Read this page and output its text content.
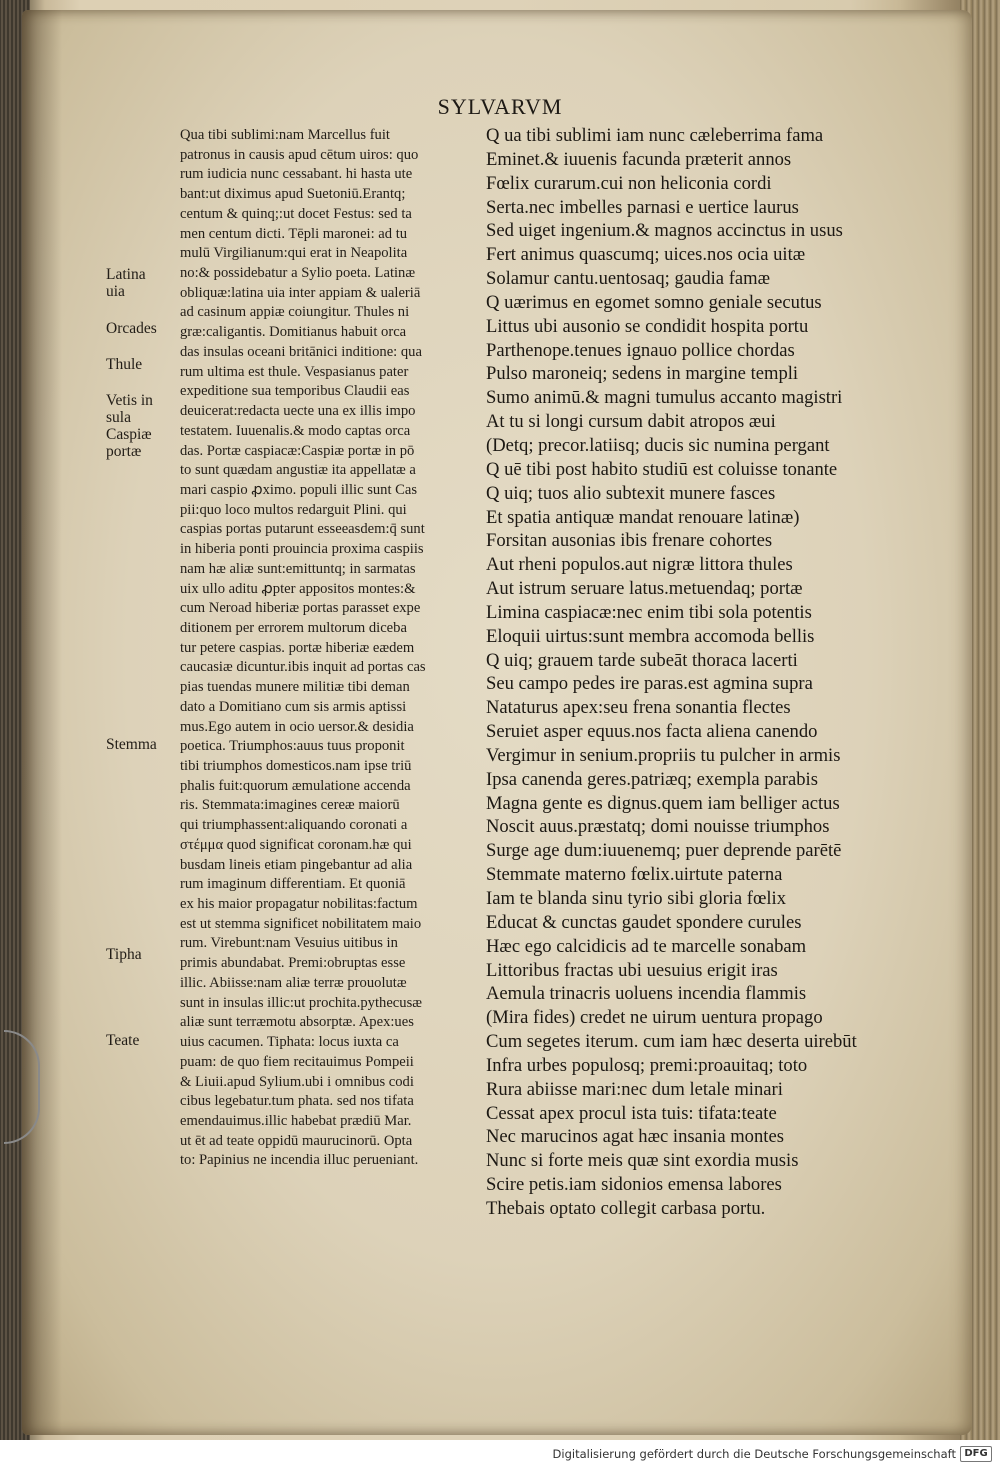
SYLVARVM
Qua tibi sublimi:nam Marcellus fuit
patronus in causis apud cētum uiros: quo
rum iudicia nunc cessabant. hi hasta ute
bant:ut diximus apud Suetoniū.Erantq;
centum & quinq;:ut docet Festus: sed ta
men centum dicti. Tēpli maronei: ad tu
mulū Virgilianum:qui erat in Neapolita
no:& possidebatur a Sylio poeta. Latinæ
obliquæ:latina uia inter appiam & ualeriā
ad casinum appiæ coiungitur. Thules ni
græ:caligantis. Domitianus habuit orca
das insulas oceani britānici inditione: qua
rum ultima est thule. Vespasianus pater
expeditione sua temporibus Claudii eas
deuicerat:redacta uecte una ex illis impo
testatem. Iuuenalis.& modo captas orca
das. Portæ caspiacæ:Caspiæ portæ in pō
to sunt quædam angustiæ ita appellatæ a
mari caspio ꝓximo. populi illic sunt Cas
pii:quo loco multos redarguit Plini. qui
caspias portas putarunt esseeasdem:q̄ sunt
in hiberia ponti prouincia proxima caspiis
nam hæ aliæ sunt:emittuntq; in sarmatas
uix ullo aditu ꝓpter appositos montes:&
cum Neroad hiberiæ portas parasset expe
ditionem per errorem multorum diceba
tur petere caspias. portæ hiberiæ eædem
caucasiæ dicuntur.ibis inquit ad portas cas
pias tuendas munere militiæ tibi deman
dato a Domitiano cum sis armis aptissi
mus.Ego autem in ocio uersor.& desidia
poetica. Triumphos:auus tuus proponit
tibi triumphos domesticos.nam ipse triū
phalis fuit:quorum æmulatione accenda
ris. Stemmata:imagines cereæ maiorū
qui triumphassent:aliquando coronati a
στέμμα quod significat coronam.hæ qui
busdam lineis etiam pingebantur ad alia
rum imaginum differentiam. Et quoniā
ex his maior propagatur nobilitas:factum
est ut stemma significet nobilitatem maio
rum. Virebunt:nam Vesuius uitibus in
primis abundabat. Premi:obruptas esse
illic. Abiisse:nam aliæ terræ prouolutæ
sunt in insulas illic:ut prochita.pythecusæ
aliæ sunt terræmotu absorptæ. Apex:ues
uius cacumen. Tiphata: locus iuxta ca
puam: de quo fiem recitauimus Pompeii
& Liuii.apud Sylium.ubi i omnibus codi
cibus legebatur.tum phata. sed nos tifata
emendauimus.illic habebat prædiū Mar.
ut ēt ad teate oppidū maurucinorū. Opta
to: Papinius ne incendia illuc perueniant.
Latina
uia
Orcades
Thule
Vetis in
sula
Caspiæ
portæ
Stemma
Tipha
Teate
Q ua tibi sublimi iam nunc cæleberrima fama
Eminet.& iuuenis facunda præterit annos
Fœlix curarum.cui non heliconia cordi
Serta.nec imbelles parnasi e uertice laurus
Sed uiget ingenium.& magnos accinctus in usus
Fert animus quascumq; uices.nos ocia uitæ
Solamur cantu.uentosaq; gaudia famæ
Q uærimus en egomet somno geniale secutus
Littus ubi ausonio se condidit hospita portu
Parthenope.tenues ignauo pollice chordas
Pulso maroneiq; sedens in margine templi
Sumo animū.& magni tumulus accanto magistri
At tu si longi cursum dabit atropos æui
(Detq; precor.latiisq; ducis sic numina pergant
Q uē tibi post habito studiū est coluisse tonante
Q uiq; tuos alio subtexit munere fasces
Et spatia antiquæ mandat renouare latinæ)
Forsitan ausonias ibis frenare cohortes
Aut rheni populos.aut nigræ littora thules
Aut istrum seruare latus.metuendaq; portæ
Limina caspiacæ:nec enim tibi sola potentis
Eloquii uirtus:sunt membra accomoda bellis
Q uiq; grauem tarde subeāt thoraca lacerti
Seu campo pedes ire paras.est agmina supra
Nataturus apex:seu frena sonantia flectes
Seruiet asper equus.nos facta aliena canendo
Vergimur in senium.propriis tu pulcher in armis
Ipsa canenda geres.patriæq; exempla parabis
Magna gente es dignus.quem iam belliger actus
Noscit auus.præstatq; domi nouisse triumphos
Surge age dum:iuuenemq; puer deprende parētē
Stemmate materno fœlix.uirtute paterna
Iam te blanda sinu tyrio sibi gloria fœlix
Educat & cunctas gaudet spondere curules
Hæc ego calcidicis ad te marcelle sonabam
Littoribus fractas ubi uesuius erigit iras
Aemula trinacris uoluens incendia flammis
(Mira fides) credet ne uirum uentura propago
Cum segetes iterum. cum iam hæc deserta uirebūt
Infra urbes populosq; premi:proauitaq; toto
Rura abiisse mari:nec dum letale minari
Cessat apex procul ista tuis: tifata:teate
Nec marucinos agat hæc insania montes
Nunc si forte meis quæ sint exordia musis
Scire petis.iam sidonios emensa labores
Thebais optato collegit carbasa portu.
Digitalisierung gefördert durch die Deutsche Forschungsgemeinschaft DFG
